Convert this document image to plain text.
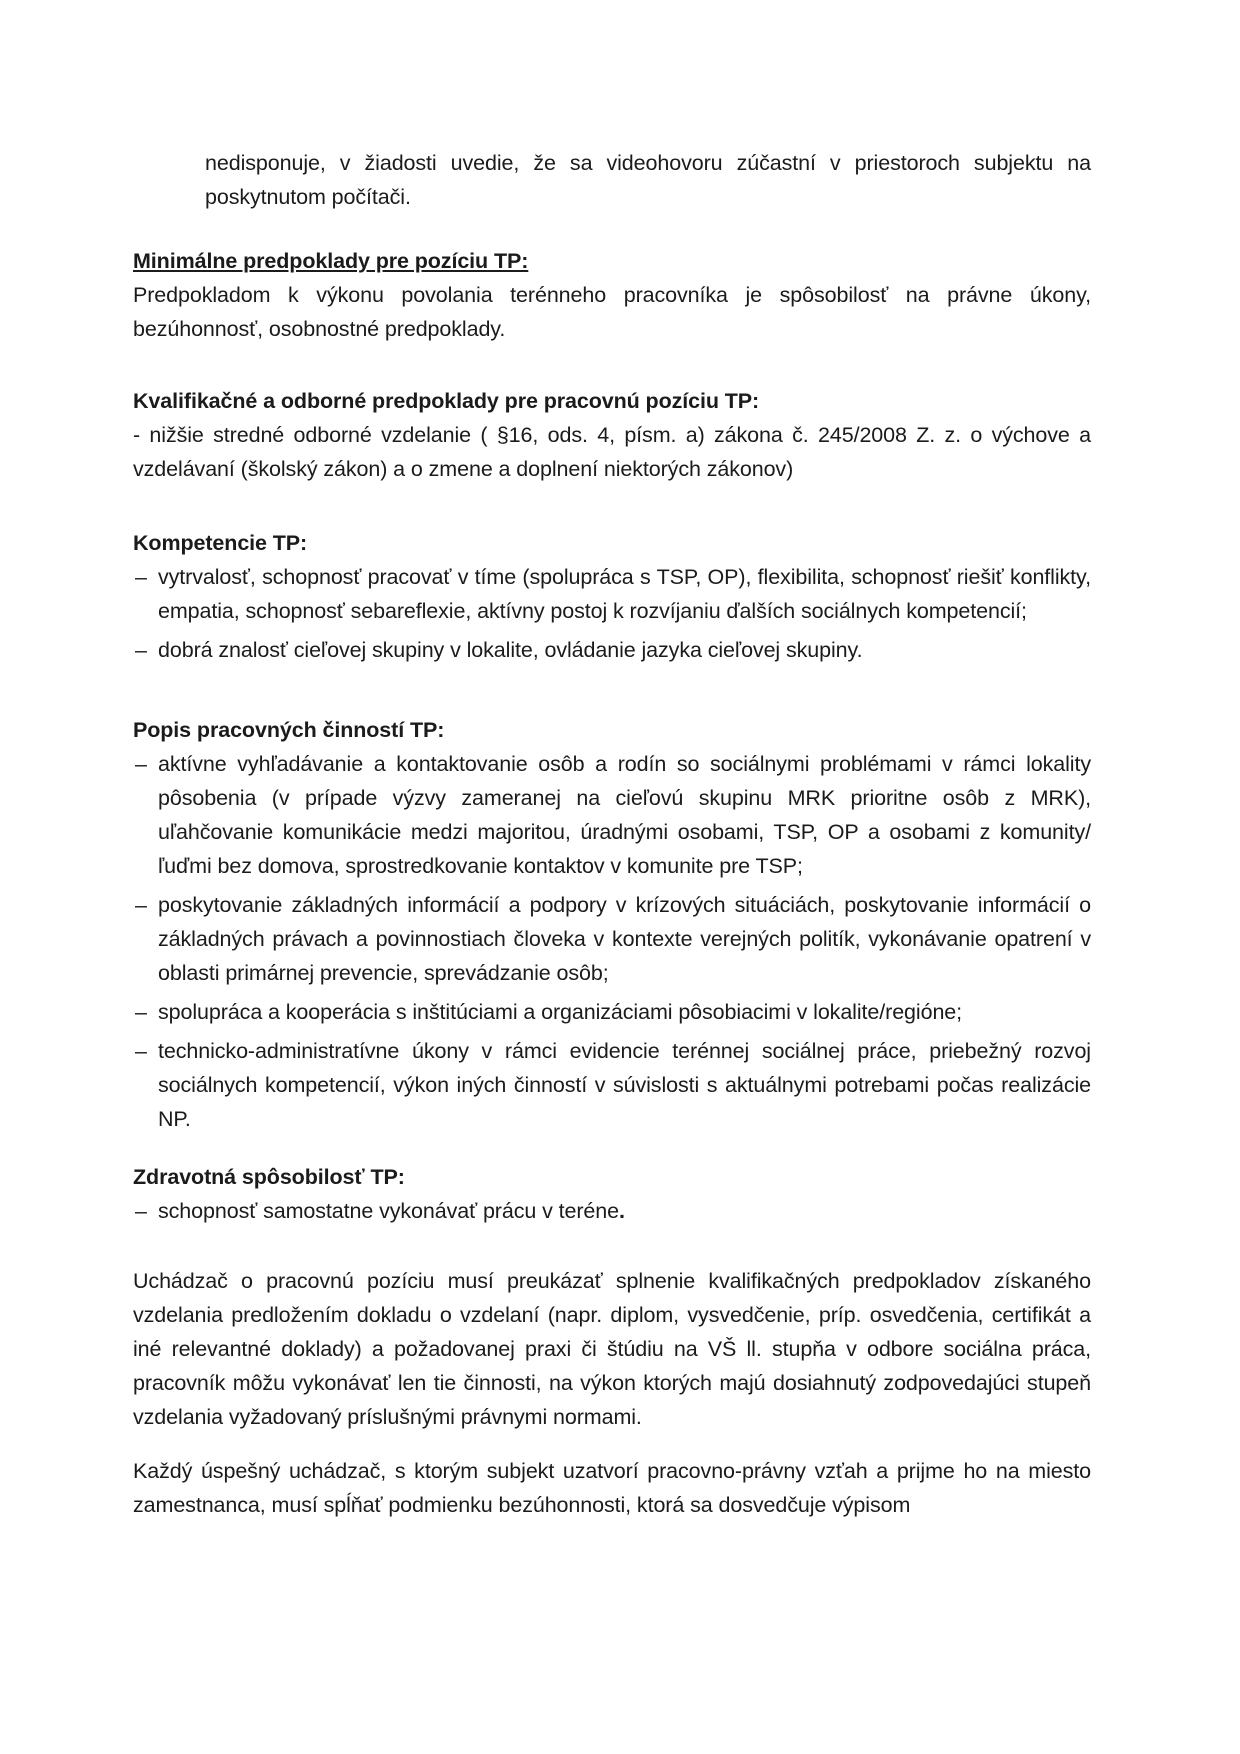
nedisponuje, v žiadosti uvedie, že sa videohovoru zúčastní v priestoroch subjektu na poskytnutom počítači.

Minimálne predpoklady pre pozíciu TP:

Predpokladom k výkonu povolania terénneho pracovníka je spôsobilosť na právne úkony, bezúhonnosť, osobnostné predpoklady.

Kvalifikačné a odborné predpoklady pre pracovnú pozíciu TP:

- nižšie stredné odborné vzdelanie ( §16, ods. 4, písm. a) zákona č. 245/2008 Z. z. o výchove a vzdelávaní (školský zákon) a o zmene a doplnení niektorých zákonov)

Kompetencie TP:
– vytrvalosť, schopnosť pracovať v tíme (spolupráca s TSP, OP), flexibilita, schopnosť riešiť konflikty, empatia, schopnosť sebareflexie, aktívny postoj k rozvíjaniu ďalších sociálnych kompetencií;
– dobrá znalosť cieľovej skupiny v lokalite, ovládanie jazyka cieľovej skupiny.
Popis pracovných činností TP:
– aktívne vyhľadávanie a kontaktovanie osôb a rodín so sociálnymi problémami v rámci lokality pôsobenia (v prípade výzvy zameranej na cieľovú skupinu MRK prioritne osôb z MRK), uľahčovanie komunikácie medzi majoritou, úradnými osobami, TSP, OP a osobami z komunity/ľuďmi bez domova, sprostredkovanie kontaktov v komunite pre TSP;
– poskytovanie základných informácií a podpory v krízových situáciách, poskytovanie informácií o základných právach a povinnostiach človeka v kontexte verejných politík, vykonávanie opatrení v oblasti primárnej prevencie, sprevádzanie osôb;
– spolupráca a kooperácia s inštitúciami a organizáciami pôsobiacimi v lokalite/regióne;
– technicko-administratívne úkony v rámci evidencie terénnej sociálnej práce, priebežný rozvoj sociálnych kompetencií, výkon iných činností v súvislosti s aktuálnymi potrebami počas realizácie NP.
Zdravotná spôsobilosť TP:
– schopnosť samostatne vykonávať prácu v teréne.

Uchádzač o pracovnú pozíciu musí preukázať splnenie kvalifikačných predpokladov získaného vzdelania predložením dokladu o vzdelaní (napr. diplom, vysvedčenie, príp. osvedčenia, certifikát a iné relevantné doklady) a požadovanej praxi či štúdiu na VŠ ll. stupňa v odbore sociálna práca, pracovník môžu vykonávať len tie činnosti, na výkon ktorých majú dosiahnutý zodpovedajúci stupeň vzdelania vyžadovaný príslušnými právnymi normami.

Každý úspešný uchádzač, s ktorým subjekt uzatvorí pracovno-právny vzťah a prijme ho na miesto zamestnanca, musí spĺňať podmienku bezúhonnosti, ktorá sa dosvedčuje výpisom
